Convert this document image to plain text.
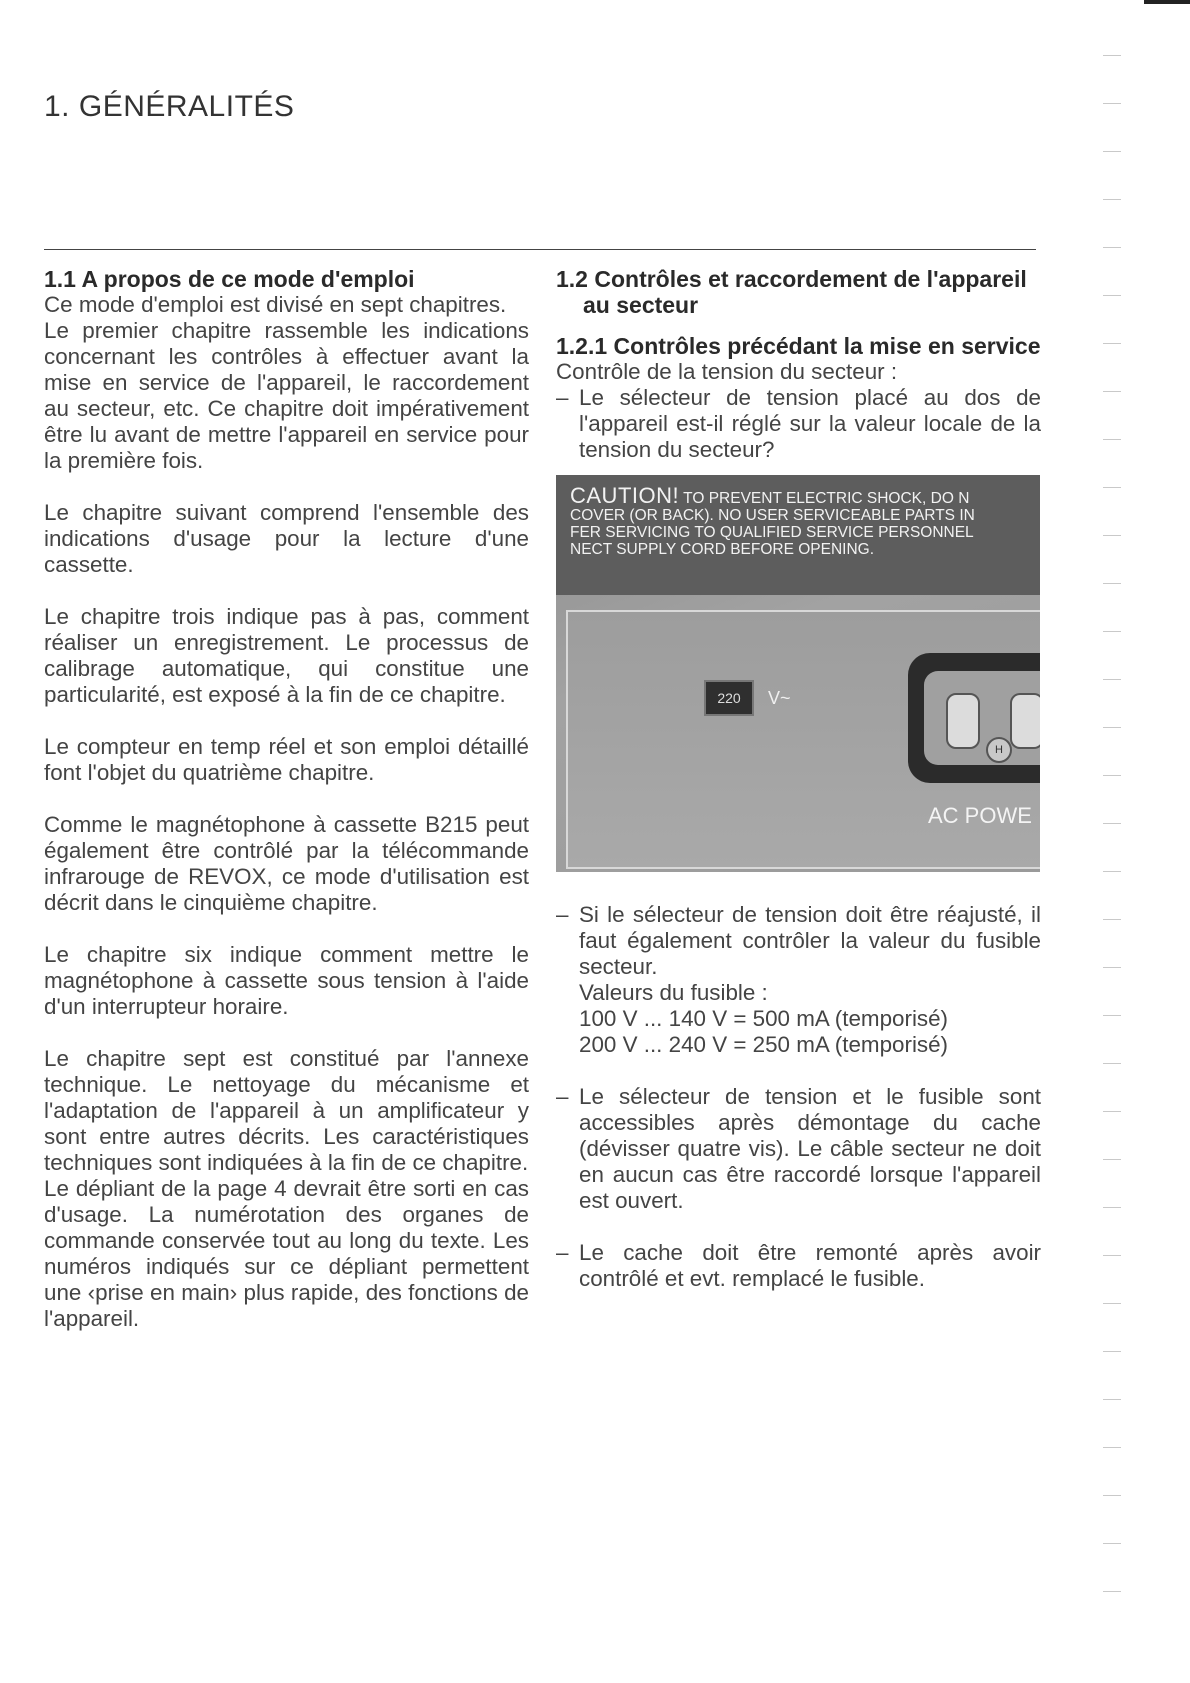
1. GÉNÉRALITÉS
1.1 A propos de ce mode d'emploi

Ce mode d'emploi est divisé en sept chapitres.

Le premier chapitre rassemble les indications concernant les contrôles à effectuer avant la mise en service de l'appareil, le raccordement au secteur, etc. Ce chapitre doit impérativement être lu avant de mettre l'appareil en service pour la première fois.

Le chapitre suivant comprend l'ensemble des indications d'usage pour la lecture d'une cassette.

Le chapitre trois indique pas à pas, comment réaliser un enregistrement. Le processus de calibrage automatique, qui constitue une particularité, est exposé à la fin de ce chapitre.

Le compteur en temp réel et son emploi détaillé font l'objet du quatrième chapitre.

Comme le magnétophone à cassette B215 peut également être contrôlé par la télécommande infrarouge de REVOX, ce mode d'utilisation est décrit dans le cinquième chapitre.

Le chapitre six indique comment mettre le magnétophone à cassette sous tension à l'aide d'un interrupteur horaire.

Le chapitre sept est constitué par l'annexe technique. Le nettoyage du mécanisme et l'adaptation de l'appareil à un amplificateur y sont entre autres décrits. Les caractéristiques techniques sont indiquées à la fin de ce chapitre.

Le dépliant de la page 4 devrait être sorti en cas d'usage. La numérotation des organes de commande conservée tout au long du texte. Les numéros indiqués sur ce dépliant permettent une ‹prise en main› plus rapide, des fonctions de l'appareil.

1.2 Contrôles et raccordement de l'appareil au secteur
1.2.1 Contrôles précédant la mise en service

Contrôle de la tension du secteur :

– Le sélecteur de tension placé au dos de l'appareil est-il réglé sur la valeur locale de la tension du secteur?
CAUTION! TO PREVENT ELECTRIC SHOCK, DO N
COVER (OR BACK). NO USER SERVICEABLE PARTS IN
FER SERVICING TO QUALIFIED SERVICE PERSONNEL
NECT SUPPLY CORD BEFORE OPENING.
220	V~
H
AC POWE
– Si le sélecteur de tension doit être réajusté, il faut également contrôler la valeur du fusible secteur.
Valeurs du fusible :
100 V ... 140 V = 500 mA (temporisé)
200 V ... 240 V = 250 mA (temporisé)
– Le sélecteur de tension et le fusible sont accessibles après démontage du cache (dévisser quatre vis). Le câble secteur ne doit en aucun cas être raccordé lorsque l'appareil est ouvert.
– Le cache doit être remonté après avoir contrôlé et evt. remplacé le fusible.
